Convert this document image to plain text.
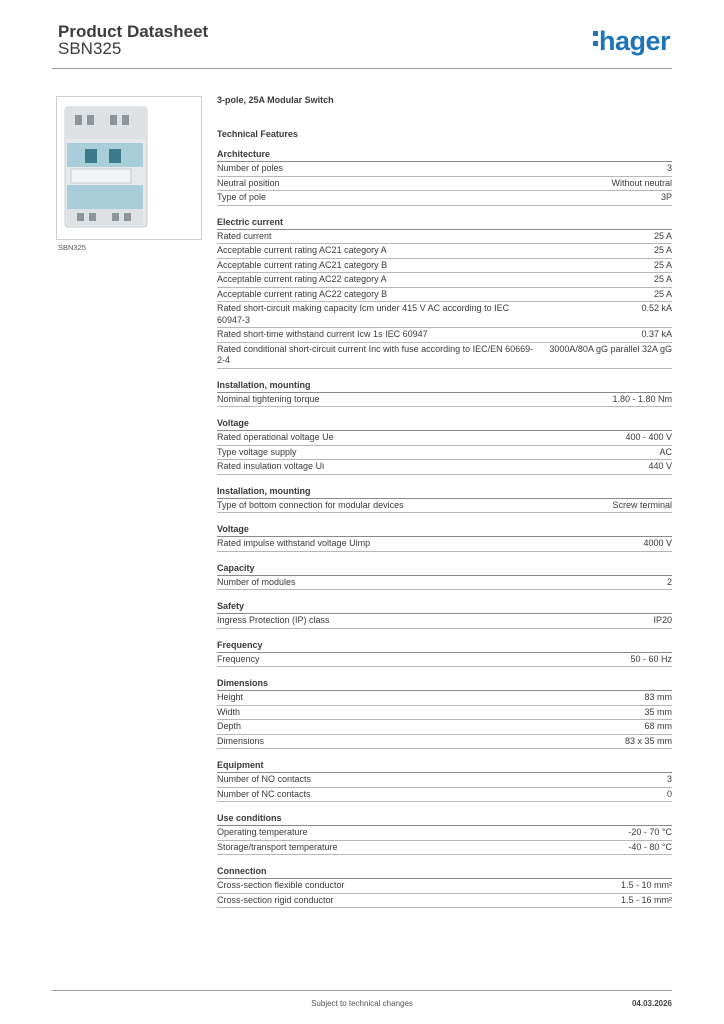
Product Datasheet
SBN325	hager
SBN325
3-pole, 25A Modular Switch
Technical Features
Architecture
Number of poles	3
Neutral position	Without neutral
Type of pole	3P
Electric current
Rated current	25 A
Acceptable current rating AC21 category A	25 A
Acceptable current rating AC21 category B	25 A
Acceptable current rating AC22 category A	25 A
Acceptable current rating AC22 category B	25 A
Rated short-circuit making capacity Icm under 415 V AC according to IEC 60947-3
0.52 kA
Rated short-time withstand current Icw 1s IEC 60947	0.37 kA
Rated conditional short-circuit current Inc with fuse according to IEC/EN 60669-2-4
3000A/80A gG parallel 32A gG
Installation, mounting
Nominal tightening torque	1.80 - 1.80 Nm
Voltage
Rated operational voltage Ue	400 - 400 V
Type voltage supply	AC
Rated insulation voltage Ui	440 V
Installation, mounting
Type of bottom connection for modular devices	Screw terminal
Voltage
Rated impulse withstand voltage Uimp	4000 V
Capacity
Number of modules	2
Safety
Ingress Protection (IP) class	IP20
Frequency
Frequency	50 - 60 Hz
Dimensions
Height	83 mm
Width	35 mm
Depth	68 mm
Dimensions	83 x 35 mm
Equipment
Number of NO contacts	3
Number of NC contacts	0
Use conditions
Operating temperature	-20 - 70 °C
Storage/transport temperature	-40 - 80 °C
Connection
Cross-section flexible conductor	1.5 - 10 mm²
Cross-section rigid conductor	1.5 - 16 mm²
Subject to technical changes	04.03.2026
